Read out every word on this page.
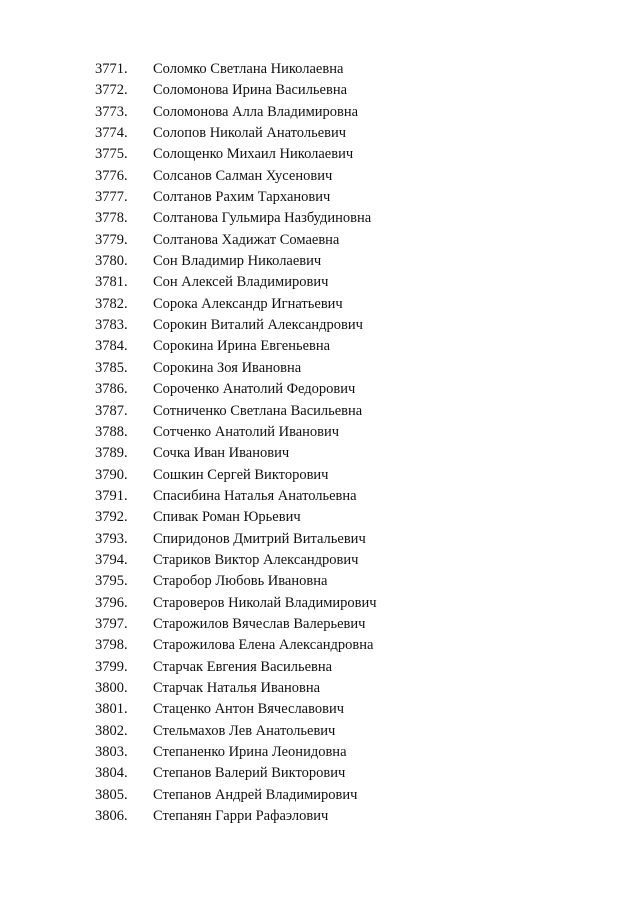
3771.	Соломко Светлана Николаевна
3772.	Соломонова Ирина Васильевна
3773.	Соломонова Алла Владимировна
3774.	Солопов Николай Анатольевич
3775.	Солощенко Михаил Николаевич
3776.	Солсанов Салман Хусенович
3777.	Солтанов Рахим Тарханович
3778.	Солтанова Гульмира Назбудиновна
3779.	Солтанова Хадижат Сомаевна
3780.	Сон Владимир Николаевич
3781.	Сон Алексей Владимирович
3782.	Сорока Александр Игнатьевич
3783.	Сорокин Виталий Александрович
3784.	Сорокина Ирина Евгеньевна
3785.	Сорокина Зоя Ивановна
3786.	Сороченко Анатолий Федорович
3787.	Сотниченко Светлана Васильевна
3788.	Сотченко Анатолий Иванович
3789.	Сочка Иван Иванович
3790.	Сошкин Сергей Викторович
3791.	Спасибина Наталья Анатольевна
3792.	Спивак Роман Юрьевич
3793.	Спиридонов Дмитрий Витальевич
3794.	Стариков Виктор Александрович
3795.	Старобор Любовь Ивановна
3796.	Староверов Николай Владимирович
3797.	Старожилов Вячеслав Валерьевич
3798.	Старожилова Елена Александровна
3799.	Старчак Евгения Васильевна
3800.	Старчак Наталья Ивановна
3801.	Стаценко Антон Вячеславович
3802.	Стельмахов Лев Анатольевич
3803.	Степаненко Ирина Леонидовна
3804.	Степанов Валерий Викторович
3805.	Степанов Андрей Владимирович
3806.	Степанян Гарри Рафаэлович
